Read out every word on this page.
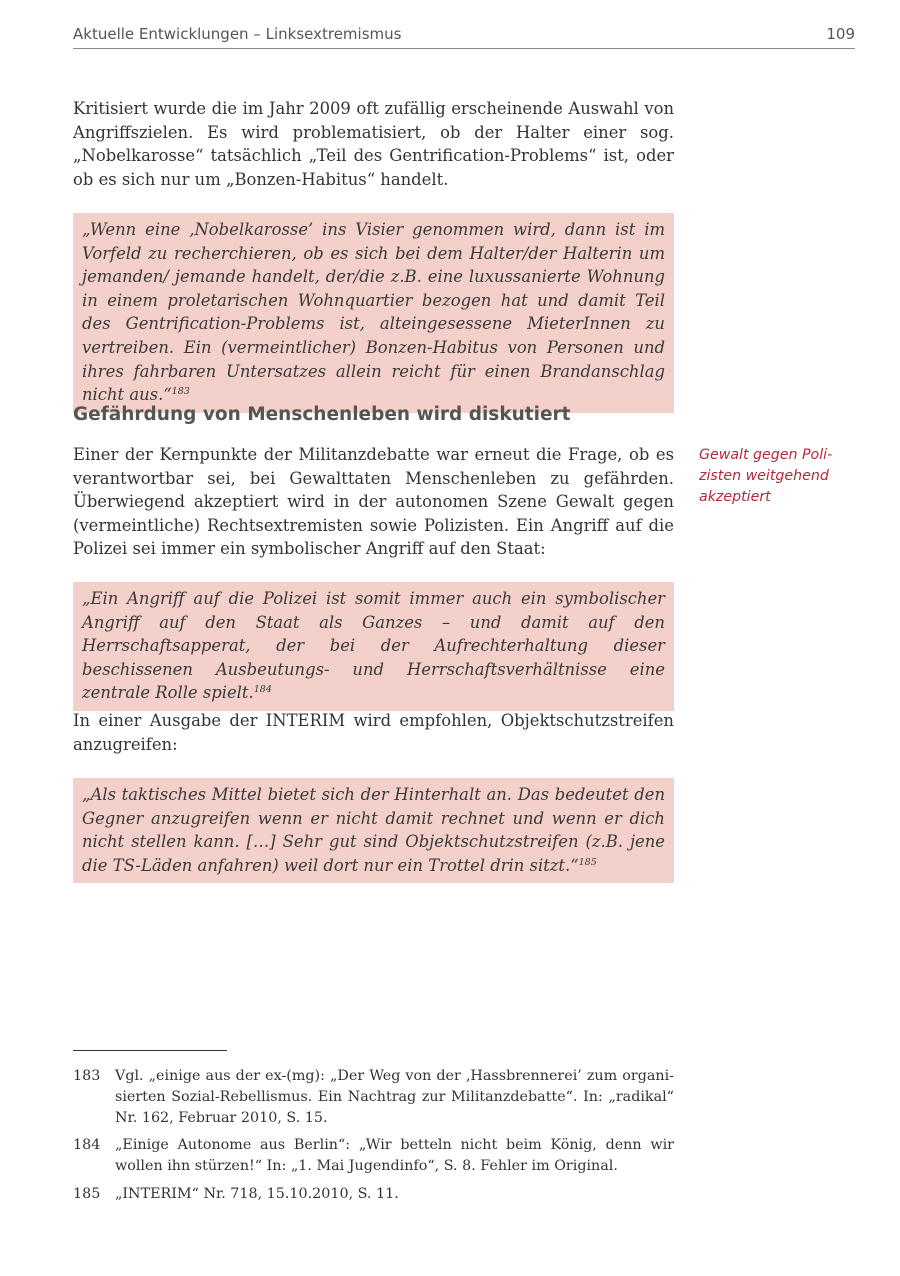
Aktuelle Entwicklungen – Linksextremismus	109

Kritisiert wurde die im Jahr 2009 oft zufällig erscheinende Auswahl von Angriffszielen. Es wird problematisiert, ob der Halter einer sog. „Nobelkarosse“ tatsächlich „Teil des Gentrification-Problems“ ist, oder ob es sich nur um „Bonzen-Habitus“ handelt.

„Wenn eine ‚Nobelkarosse’ ins Visier genommen wird, dann ist im Vorfeld zu recherchieren, ob es sich bei dem Halter/der Halterin um jemanden/ jemande handelt, der/die z.B. eine luxussanierte Wohnung in einem proletarischen Wohnquartier bezogen hat und damit Teil des Gentrification-Problems ist, alteingesessene MieterInnen zu vertreiben. Ein (vermeintlicher) Bonzen-Habitus von Personen und ihres fahrbaren Untersatzes allein reicht für einen Brandanschlag nicht aus.“$^{183}$
Gefährdung von Menschenleben wird diskutiert

Einer der Kernpunkte der Militanzdebatte war erneut die Frage, ob es verantwortbar sei, bei Gewalttaten Menschenleben zu gefährden. Überwiegend akzeptiert wird in der autonomen Szene Gewalt gegen (vermeintliche) Rechtsextremisten sowie Polizisten. Ein Angriff auf die Polizei sei immer ein symbolischer Angriff auf den Staat:

Gewalt gegen Polizisten weitgehend akzeptiert
„Ein Angriff auf die Polizei ist somit immer auch ein symbolischer Angriff auf den Staat als Ganzes – und damit auf den Herrschaftsapperat, der bei der Aufrechterhaltung dieser beschissenen Ausbeutungs- und Herrschaftsverhältnisse eine zentrale Rolle spielt.$^{184}$

In einer Ausgabe der INTERIM wird empfohlen, Objektschutzstreifen anzugreifen:

„Als taktisches Mittel bietet sich der Hinterhalt an. Das bedeutet den Gegner anzugreifen wenn er nicht damit rechnet und wenn er dich nicht stellen kann. […] Sehr gut sind Objektschutzstreifen (z.B. jene die TS-Läden anfahren) weil dort nur ein Trottel drin sitzt.“$^{185}$
183 Vgl. „einige aus der ex-(mg): „Der Weg von der ‚Hassbrennerei’ zum organisierten Sozial-Rebellismus. Ein Nachtrag zur Militanzdebatte“. In: „radikal“ Nr. 162, Februar 2010, S. 15.
184 „Einige Autonome aus Berlin“: „Wir betteln nicht beim König, denn wir wollen ihn stürzen!“ In: „1. Mai Jugendinfo“, S. 8. Fehler im Original.
185 „INTERIM“ Nr. 718, 15.10.2010, S. 11.
